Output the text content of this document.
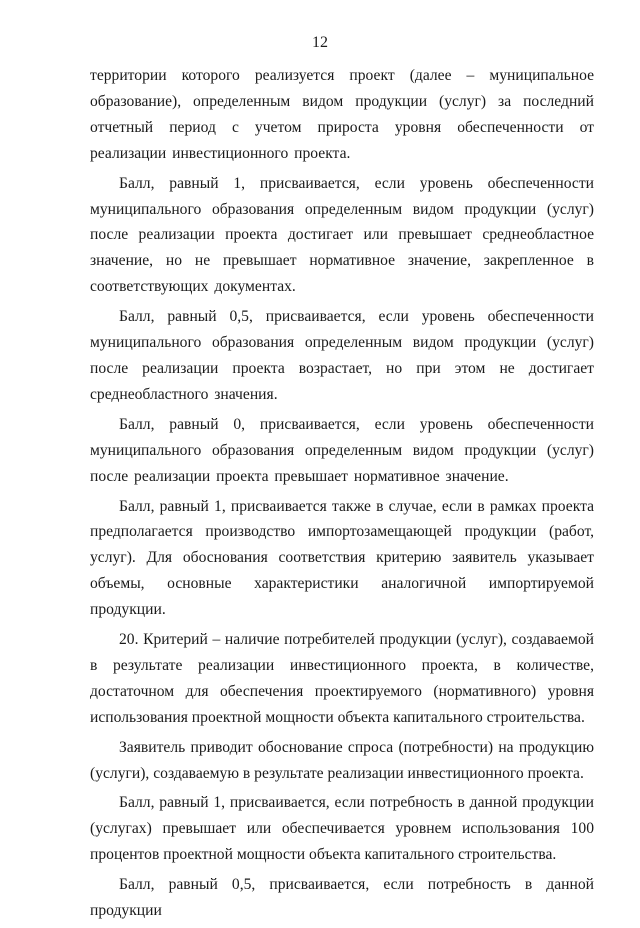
12

территории которого реализуется проект (далее – муниципальное образование), определенным видом продукции (услуг) за последний отчетный период с учетом прироста уровня обеспеченности от реализации инвестиционного проекта.

Балл, равный 1, присваивается, если уровень обеспеченности муниципального образования определенным видом продукции (услуг) после реализации проекта достигает или превышает среднеобластное значение, но не превышает нормативное значение, закрепленное в соответствующих документах.

Балл, равный 0,5, присваивается, если уровень обеспеченности муниципального образования определенным видом продукции (услуг) после реализации проекта возрастает, но при этом не достигает среднеобластного значения.

Балл, равный 0, присваивается, если уровень обеспеченности муниципального образования определенным видом продукции (услуг) после реализации проекта превышает нормативное значение.

Балл, равный 1, присваивается также в случае, если в рамках проекта предполагается производство импортозамещающей продукции (работ, услуг). Для обоснования соответствия критерию заявитель указывает объемы, основные характеристики аналогичной импортируемой продукции.

20. Критерий – наличие потребителей продукции (услуг), создаваемой в результате реализации инвестиционного проекта, в количестве, достаточном для обеспечения проектируемого (нормативного) уровня использования проектной мощности объекта капитального строительства.

Заявитель приводит обоснование спроса (потребности) на продукцию (услуги), создаваемую в результате реализации инвестиционного проекта.

Балл, равный 1, присваивается, если потребность в данной продукции (услугах) превышает или обеспечивается уровнем использования 100 процентов проектной мощности объекта капитального строительства.

Балл, равный 0,5, присваивается, если потребность в данной продукции
